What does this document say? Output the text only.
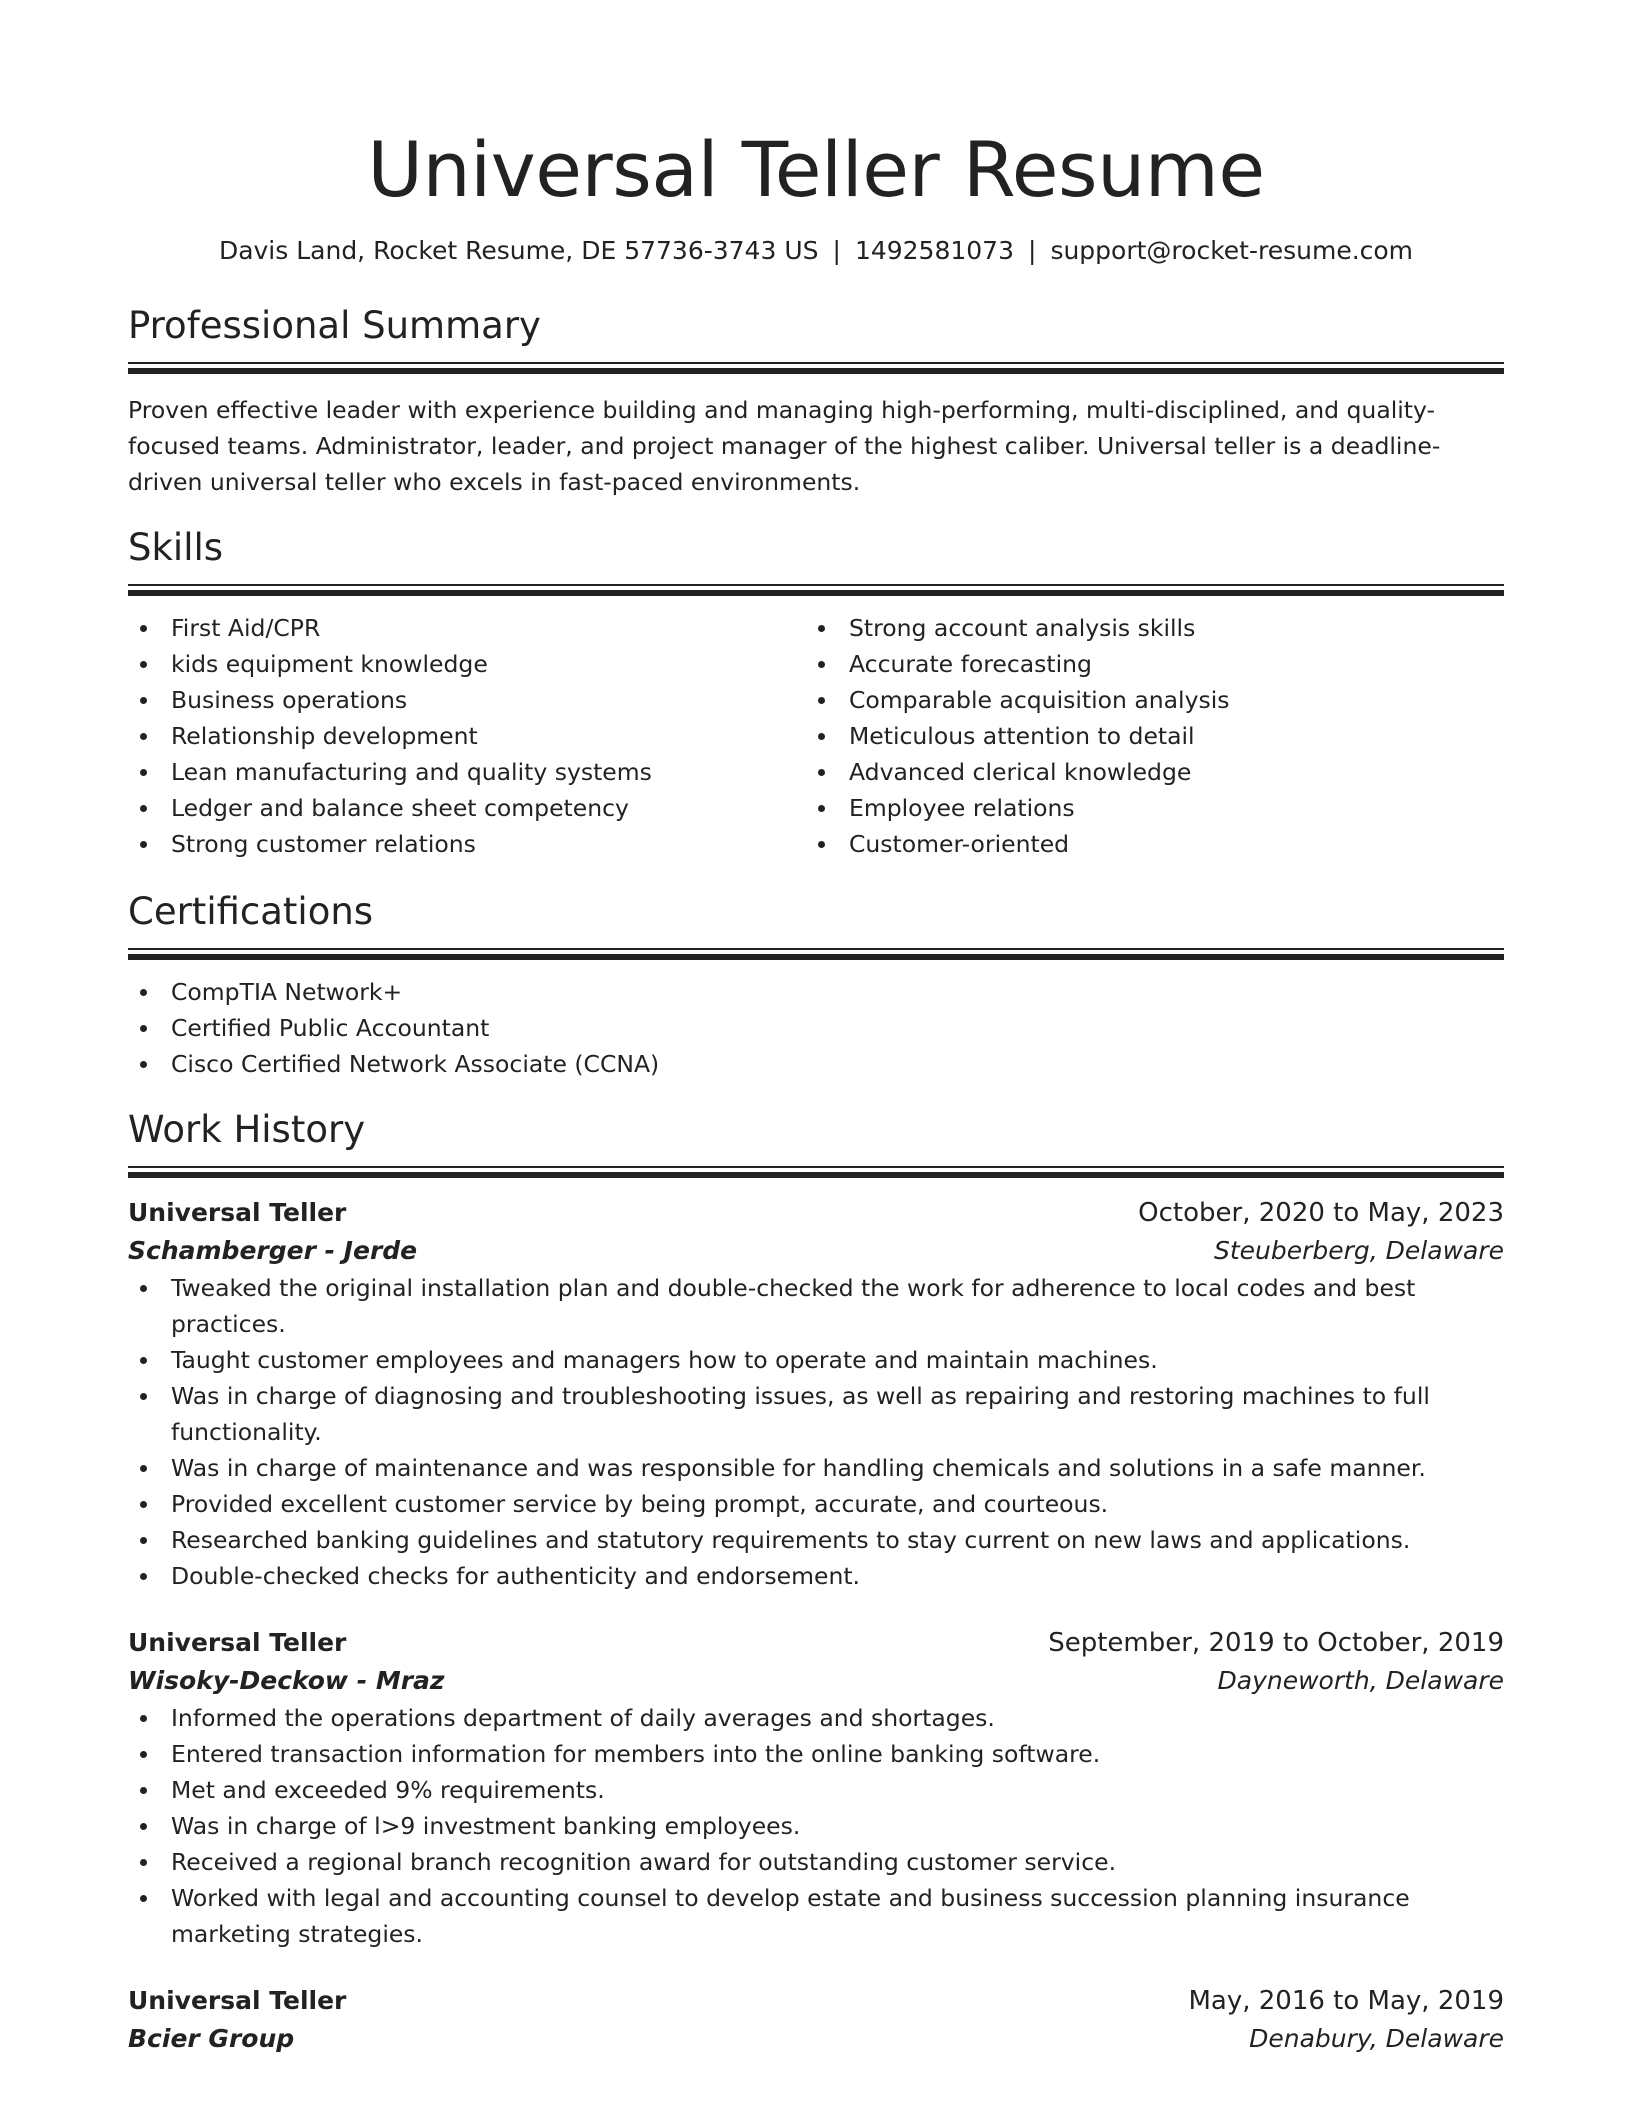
Universal Teller Resume
Davis Land, Rocket Resume, DE 57736-3743 US | 1492581073 | support@rocket-resume.com
Professional Summary

Proven effective leader with experience building and managing high-performing, multi-disciplined, and quality-focused teams. Administrator, leader, and project manager of the highest caliber. Universal teller is a deadline-driven universal teller who excels in fast-paced environments.

Skills
First Aid/CPR
kids equipment knowledge
Business operations
Relationship development
Lean manufacturing and quality systems
Ledger and balance sheet competency
Strong customer relations
Strong account analysis skills
Accurate forecasting
Comparable acquisition analysis
Meticulous attention to detail
Advanced clerical knowledge
Employee relations
Customer-oriented
Certifications
CompTIA Network+
Certified Public Accountant
Cisco Certified Network Associate (CCNA)
Work History
Universal Teller	October, 2020 to May, 2023
Schamberger - Jerde	Steuberberg, Delaware
Tweaked the original installation plan and double-checked the work for adherence to local codes and best practices.
Taught customer employees and managers how to operate and maintain machines.
Was in charge of diagnosing and troubleshooting issues, as well as repairing and restoring machines to full functionality.
Was in charge of maintenance and was responsible for handling chemicals and solutions in a safe manner.
Provided excellent customer service by being prompt, accurate, and courteous.
Researched banking guidelines and statutory requirements to stay current on new laws and applications.
Double-checked checks for authenticity and endorsement.
Universal Teller	September, 2019 to October, 2019
Wisoky-Deckow - Mraz	Dayneworth, Delaware
Informed the operations department of daily averages and shortages.
Entered transaction information for members into the online banking software.
Met and exceeded 9% requirements.
Was in charge of l>9 investment banking employees.
Received a regional branch recognition award for outstanding customer service.
Worked with legal and accounting counsel to develop estate and business succession planning insurance marketing strategies.
Universal Teller	May, 2016 to May, 2019
Bcier Group	Denabury, Delaware
